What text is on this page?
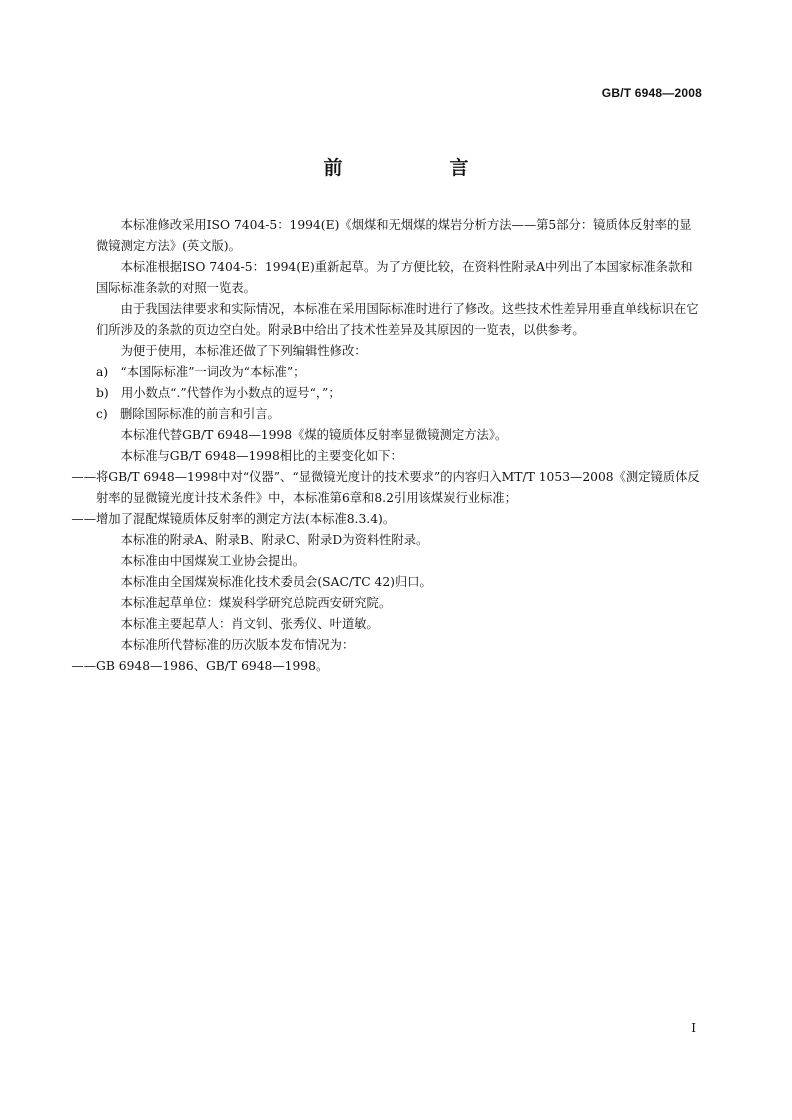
GB/T 6948—2008
前　言

本标准修改采用ISO 7404-5：1994(E)《烟煤和无烟煤的煤岩分析方法——第5部分：镜质体反射率的显微镜测定方法》(英文版)。

本标准根据ISO 7404-5：1994(E)重新起草。为了方便比较，在资料性附录A中列出了本国家标准条款和国际标准条款的对照一览表。

由于我国法律要求和实际情况，本标准在采用国际标准时进行了修改。这些技术性差异用垂直单线标识在它们所涉及的条款的页边空白处。附录B中给出了技术性差异及其原因的一览表，以供参考。

为便于使用，本标准还做了下列编辑性修改：

a)　“本国际标准”一词改为“本标准”；

b)　用小数点“.”代替作为小数点的逗号“，”；

c)　删除国际标准的前言和引言。

本标准代替GB/T 6948—1998《煤的镜质体反射率显微镜测定方法》。

本标准与GB/T 6948—1998相比的主要变化如下：

——将GB/T 6948—1998中对“仪器”、“显微镜光度计的技术要求”的内容归入MT/T 1053—2008《测定镜质体反射率的显微镜光度计技术条件》中，本标准第6章和8.2引用该煤炭行业标准；

——增加了混配煤镜质体反射率的测定方法(本标准8.3.4)。

本标准的附录A、附录B、附录C、附录D为资料性附录。

本标准由中国煤炭工业协会提出。

本标准由全国煤炭标准化技术委员会(SAC/TC 42)归口。

本标准起草单位：煤炭科学研究总院西安研究院。

本标准主要起草人：肖文钊、张秀仪、叶道敏。

本标准所代替标准的历次版本发布情况为：

——GB 6948—1986、GB/T 6948—1998。

I
